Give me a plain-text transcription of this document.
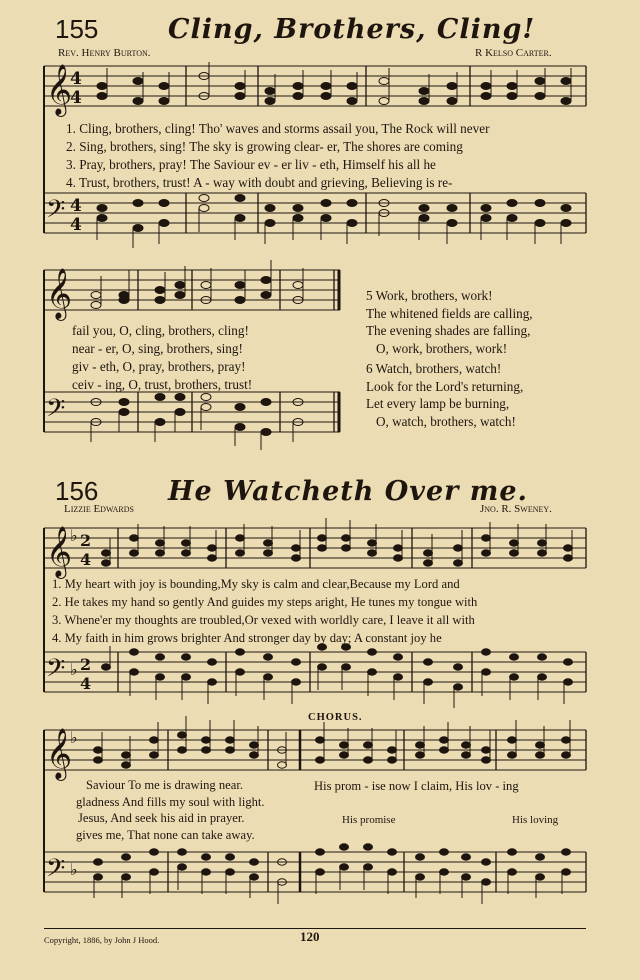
155	Cling, Brothers, Cling!
Rev. Henry Burton.	R Kelso Carter.
𝄞
4
4
𝄢 4
4
1. Cling, brothers, cling! Tho' waves and storms assail you, The Rock will never
2. Sing, brothers, sing! The sky is growing clear- er, The shores are coming
3. Pray, brothers, pray! The Saviour ev - er liv - eth, Himself his all he
4. Trust, brothers, trust! A - way with doubt and grieving, Believing is re-
𝄞
𝄢
fail you, O, cling, brothers, cling!
near - er, O, sing, brothers, sing!
giv - eth, O, pray, brothers, pray!
ceiv - ing, O, trust, brothers, trust!
5 Work, brothers, work!
The whitened fields are calling,
The evening shades are falling,
O, work, brothers, work!
6 Watch, brothers, watch!
Look for the Lord's returning,
Let every lamp be burning,
O, watch, brothers, watch!
156	He Watcheth Over me.
Lizzie Edwards	Jno. R. Sweney.
𝄞
♭ 2
4
𝄢 ♭ 2
4
1. My heart with joy is bounding,My sky is calm and clear,Because my Lord and
2. He takes my hand so gently And guides my steps aright, He tunes my tongue with
3. Whene'er my thoughts are troubled,Or vexed with worldly care, I leave it all with
4. My faith in him grows brighter And stronger day by day; A constant joy he
CHORUS.
𝄞
♭
𝄢 ♭
Saviour To me is drawing near.
gladness And fills my soul with light.
Jesus, And seek his aid in prayer.
gives me, That none can take away.
His prom - ise now I claim, His lov - ing
His promise	His loving
Copyright, 1886, by John J Hood.	120
